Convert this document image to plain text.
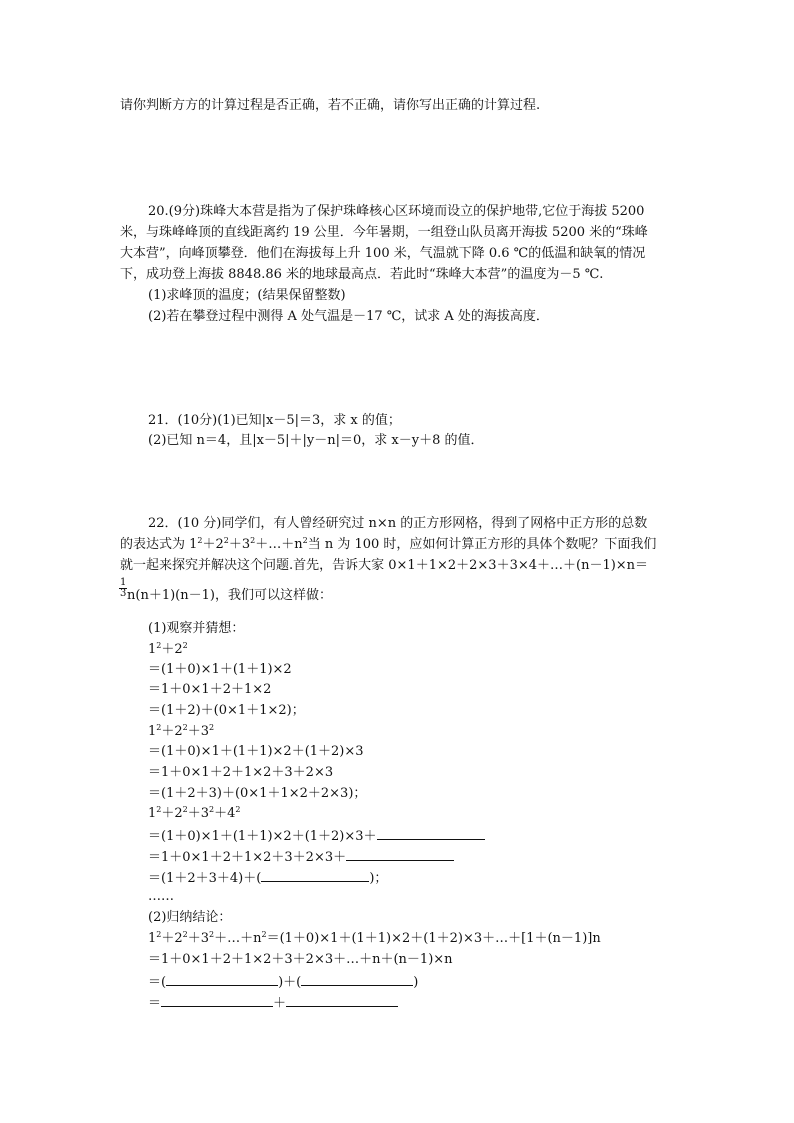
请你判断方方的计算过程是否正确，若不正确，请你写出正确的计算过程.
20.(9分)珠峰大本营是指为了保护珠峰核心区环境而设立的保护地带,它位于海拔 5200
米，与珠峰峰顶的直线距离约 19 公里．今年暑期，一组登山队员离开海拔 5200 米的“珠峰
大本营”，向峰顶攀登．他们在海拔每上升 100 米，气温就下降 0.6 ℃的低温和缺氧的情况
下，成功登上海拔 8848.86 米的地球最高点．若此时“珠峰大本营”的温度为－5 ℃.
(1)求峰顶的温度；(结果保留整数)
(2)若在攀登过程中测得 A 处气温是－17 ℃，试求 A 处的海拔高度．
21．(10分)(1)已知|x－5|＝3，求 x 的值；
(2)已知 n＝4，且|x－5|＋|y－n|＝0，求 x－y＋8 的值．
22．(10 分)同学们，有人曾经研究过 n×n 的正方形网格，得到了网格中正方形的总数
的表达式为 $1^2+2^2+3^2+\dots+n^2$当 n 为 100 时，应如何计算正方形的具体个数呢？下面我们
就一起来探究并解决这个问题.首先，告诉大家 0×1＋1×2＋2×3＋3×4＋…＋(n－1)×n＝
$\frac{1}{3} n(n+1)(n-1)$，我们可以这样做：
(1)观察并猜想：
$1^2+2^2$
＝(1＋0)×1＋(1＋1)×2
＝1＋0×1＋2＋1×2
＝(1＋2)＋(0×1＋1×2)；
$1^2+2^2+3^2$
＝(1＋0)×1＋(1＋1)×2＋(1＋2)×3
＝1＋0×1＋2＋1×2＋3＋2×3
＝(1＋2＋3)＋(0×1＋1×2＋2×3)；
$1^2+2^2+3^2+4^2$
＝(1＋0)×1＋(1＋1)×2＋(1＋2)×3＋
＝1＋0×1＋2＋1×2＋3＋2×3＋
＝(1＋2＋3＋4)＋(	)；
……
(2)归纳结论：
$1^2+2^2+3^2+\dots+n^2=(1+0)\times 1+(1+1)\times 2+(1+2)\times 3+\dots+[1+(n-1)]n$
＝1＋0×1＋2＋1×2＋3＋2×3＋…＋n＋(n－1)×n
＝(	)＋(	)
＝	＋
